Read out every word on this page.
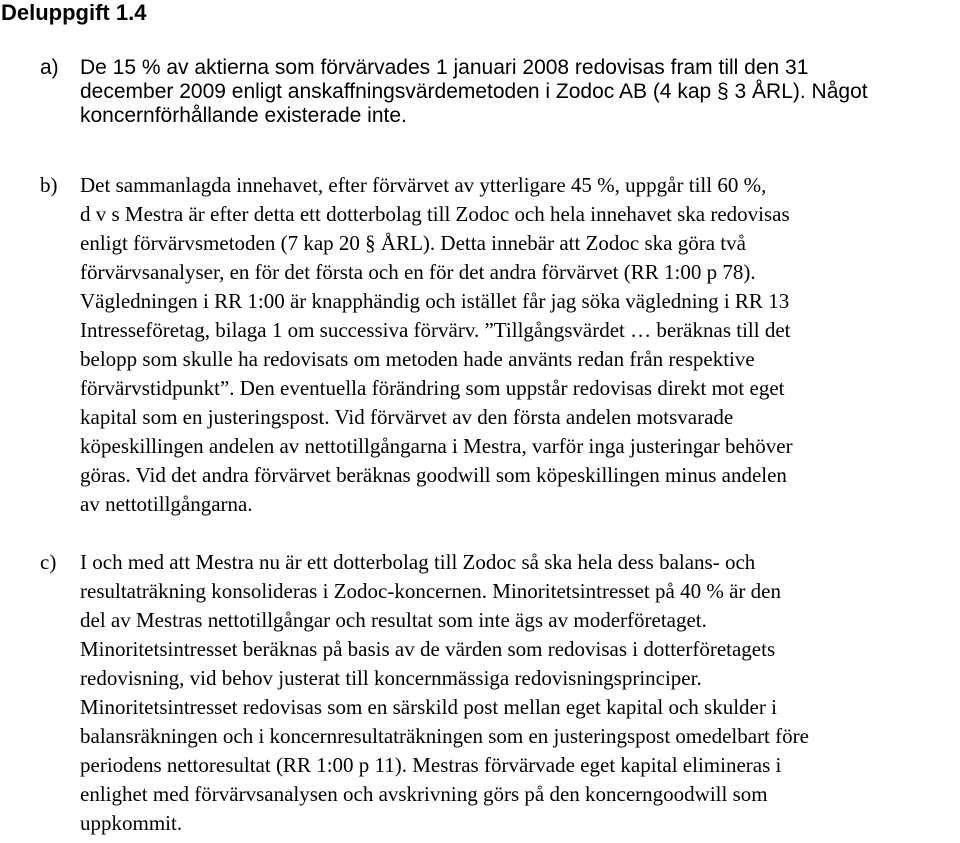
Deluppgift 1.4
a) De 15 % av aktierna som förvärvades 1 januari 2008 redovisas fram till den 31
december 2009 enligt anskaffningsvärdemetoden i Zodoc AB (4 kap § 3 ÅRL). Något
koncernförhållande existerade inte.
b) Det sammanlagda innehavet, efter förvärvet av ytterligare 45 %, uppgår till 60 %,
d v s Mestra är efter detta ett dotterbolag till Zodoc och hela innehavet ska redovisas
enligt förvärvsmetoden (7 kap 20 § ÅRL). Detta innebär att Zodoc ska göra två
förvärvsanalyser, en för det första och en för det andra förvärvet (RR 1:00 p 78).
Vägledningen i RR 1:00 är knapphändig och istället får jag söka vägledning i RR 13
Intresseföretag, bilaga 1 om successiva förvärv. ”Tillgångsvärdet … beräknas till det
belopp som skulle ha redovisats om metoden hade använts redan från respektive
förvärvstidpunkt”. Den eventuella förändring som uppstår redovisas direkt mot eget
kapital som en justeringspost. Vid förvärvet av den första andelen motsvarade
köpeskillingen andelen av nettotillgångarna i Mestra, varför inga justeringar behöver
göras. Vid det andra förvärvet beräknas goodwill som köpeskillingen minus andelen
av nettotillgångarna.
c) I och med att Mestra nu är ett dotterbolag till Zodoc så ska hela dess balans- och
resultaträkning konsolideras i Zodoc-koncernen. Minoritetsintresset på 40 % är den
del av Mestras nettotillgångar och resultat som inte ägs av moderföretaget.
Minoritetsintresset beräknas på basis av de värden som redovisas i dotterföretagets
redovisning, vid behov justerat till koncernmässiga redovisningsprinciper.
Minoritetsintresset redovisas som en särskild post mellan eget kapital och skulder i
balansräkningen och i koncernresultaträkningen som en justeringspost omedelbart före
periodens nettoresultat (RR 1:00 p 11). Mestras förvärvade eget kapital elimineras i
enlighet med förvärvsanalysen och avskrivning görs på den koncerngoodwill som
uppkommit.
